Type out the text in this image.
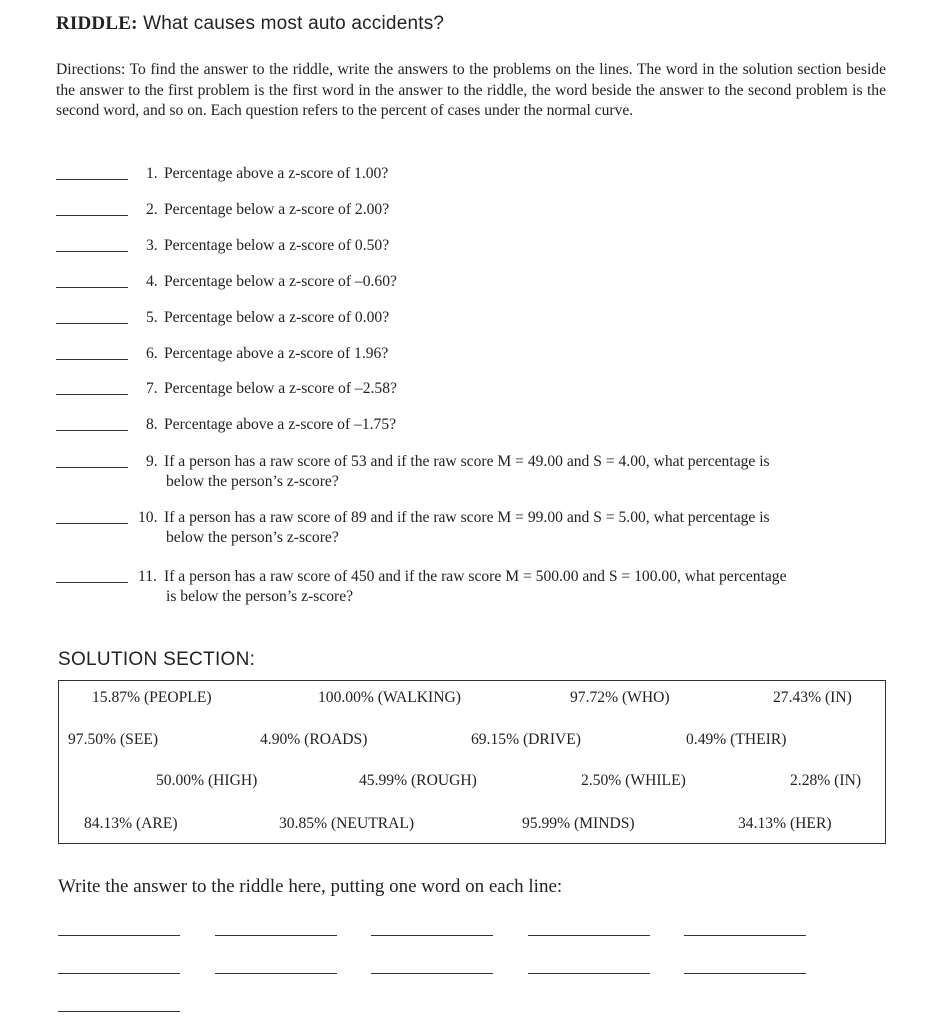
RIDDLE: What causes most auto accidents?
Directions: To find the answer to the riddle, write the answers to the problems on the lines. The word in the solution section beside the answer to the first problem is the first word in the answer to the riddle, the word beside the answer to the second problem is the second word, and so on. Each question refers to the percent of cases under the normal curve.
1. Percentage above a z-score of 1.00?
2. Percentage below a z-score of 2.00?
3. Percentage below a z-score of 0.50?
4. Percentage below a z-score of –0.60?
5. Percentage below a z-score of 0.00?
6. Percentage above a z-score of 1.96?
7. Percentage below a z-score of –2.58?
8. Percentage above a z-score of –1.75?
9. If a person has a raw score of 53 and if the raw score M = 49.00 and S = 4.00, what percentage is
below the person’s z-score?
10. If a person has a raw score of 89 and if the raw score M = 99.00 and S = 5.00, what percentage is
below the person’s z-score?
11. If a person has a raw score of 450 and if the raw score M = 500.00 and S = 100.00, what percentage
is below the person’s z-score?
SOLUTION SECTION:
15.87% (PEOPLE)	100.00% (WALKING)	97.72% (WHO)	27.43% (IN)
97.50% (SEE)	4.90% (ROADS)	69.15% (DRIVE)	0.49% (THEIR)
50.00% (HIGH)	45.99% (ROUGH)	2.50% (WHILE)	2.28% (IN)
84.13% (ARE)	30.85% (NEUTRAL)	95.99% (MINDS)	34.13% (HER)
Write the answer to the riddle here, putting one word on each line:
